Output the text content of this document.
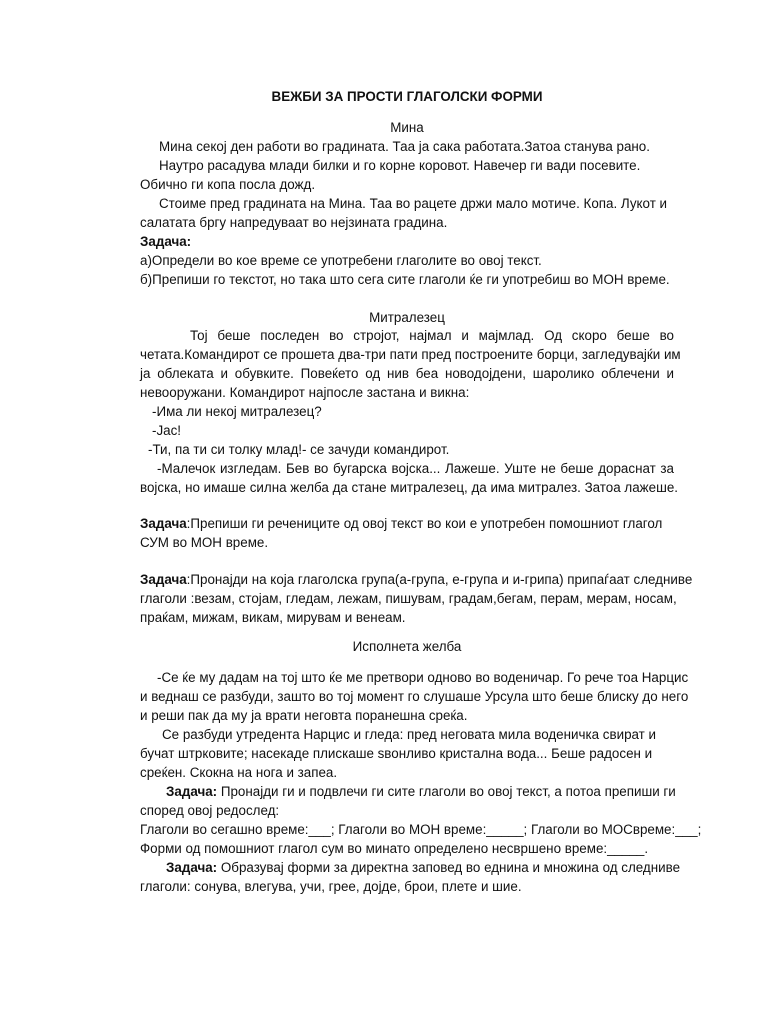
ВЕЖБИ ЗА ПРОСТИ ГЛАГОЛСКИ ФОРМИ
Мина
Мина секој ден работи во градината. Таа ја сака работата.Затоа станува рано.
Наутро расадува млади билки и го корне коровот. Навечер ги вади посевите.
Обично ги копа посла дожд.
Стоиме пред градината на Мина. Таа во рацете држи мало мотиче. Копа. Лукот и
салатата бргу напредуваат во нејзината градина.
Задача:
а)Определи во кое време се употребени глаголите во овој текст.
б)Препиши го текстот, но така што сега сите глаголи ќе ги употребиш во МОН време.
Митралезец
Тој беше последен во стројот, најмал и мајмлад. Од скоро беше во
четата.Командирот се прошета два-три пати пред построените борци, загледувајќи им
ја облеката и обувките. Повеќето од нив беа новодојдени, шаролико облечени и
невооружани. Командирот најпосле застана и викна:
-Има ли некој митралезец?
-Јас!
-Ти, па ти си толку млад!- се зачуди командирот.
-Малечок изгледам. Бев во бугарска војска... Лажеше. Уште не беше дораснат за
војска, но имаше силна желба да стане митралезец, да има митралез. Затоа лажеше.
Задача:Препиши ги речениците од овој текст во кои е употребен помошниот глагол
СУМ во МОН време.
Задача:Пронајди на која глаголска група(а-група, е-група и и-грипа) припаѓаат следниве
глаголи :везам, стојам, гледам, лежам, пишувам, градам,бегам, перам, мерам, носам,
праќам, мижам, викам, мирувам и венеам.
Исполнета желба
-Се ќе му дадам на тој што ќе ме претвори одново во воденичар. Го рече тоа Нарцис
и веднаш се разбуди, зашто во тој момент го слушаше Урсула што беше блиску до него
и реши пак да му ја врати неговта поранешна среќа.
Се разбуди утредента Нарцис и гледа: пред неговата мила воденичка свират и
бучат штрковите; насекаде плискаше ѕвонливо кристална вода... Беше радосен и
среќен. Скокна на нога и запеа.
Задача: Пронајди ги и подвлечи ги сите глаголи во овој текст, а потоа препиши ги
според овој редослед:
Глаголи во сегашно време:___; Глаголи во МОН време:_____; Глаголи во МОСвреме:___;
Форми од помошниот глагол сум во минато определено несвршено време:_____.
Задача: Образувај форми за директна заповед во еднина и множина од следниве
глаголи: сонува, влегува, учи, грее, дојде, брои, плете и шие.
